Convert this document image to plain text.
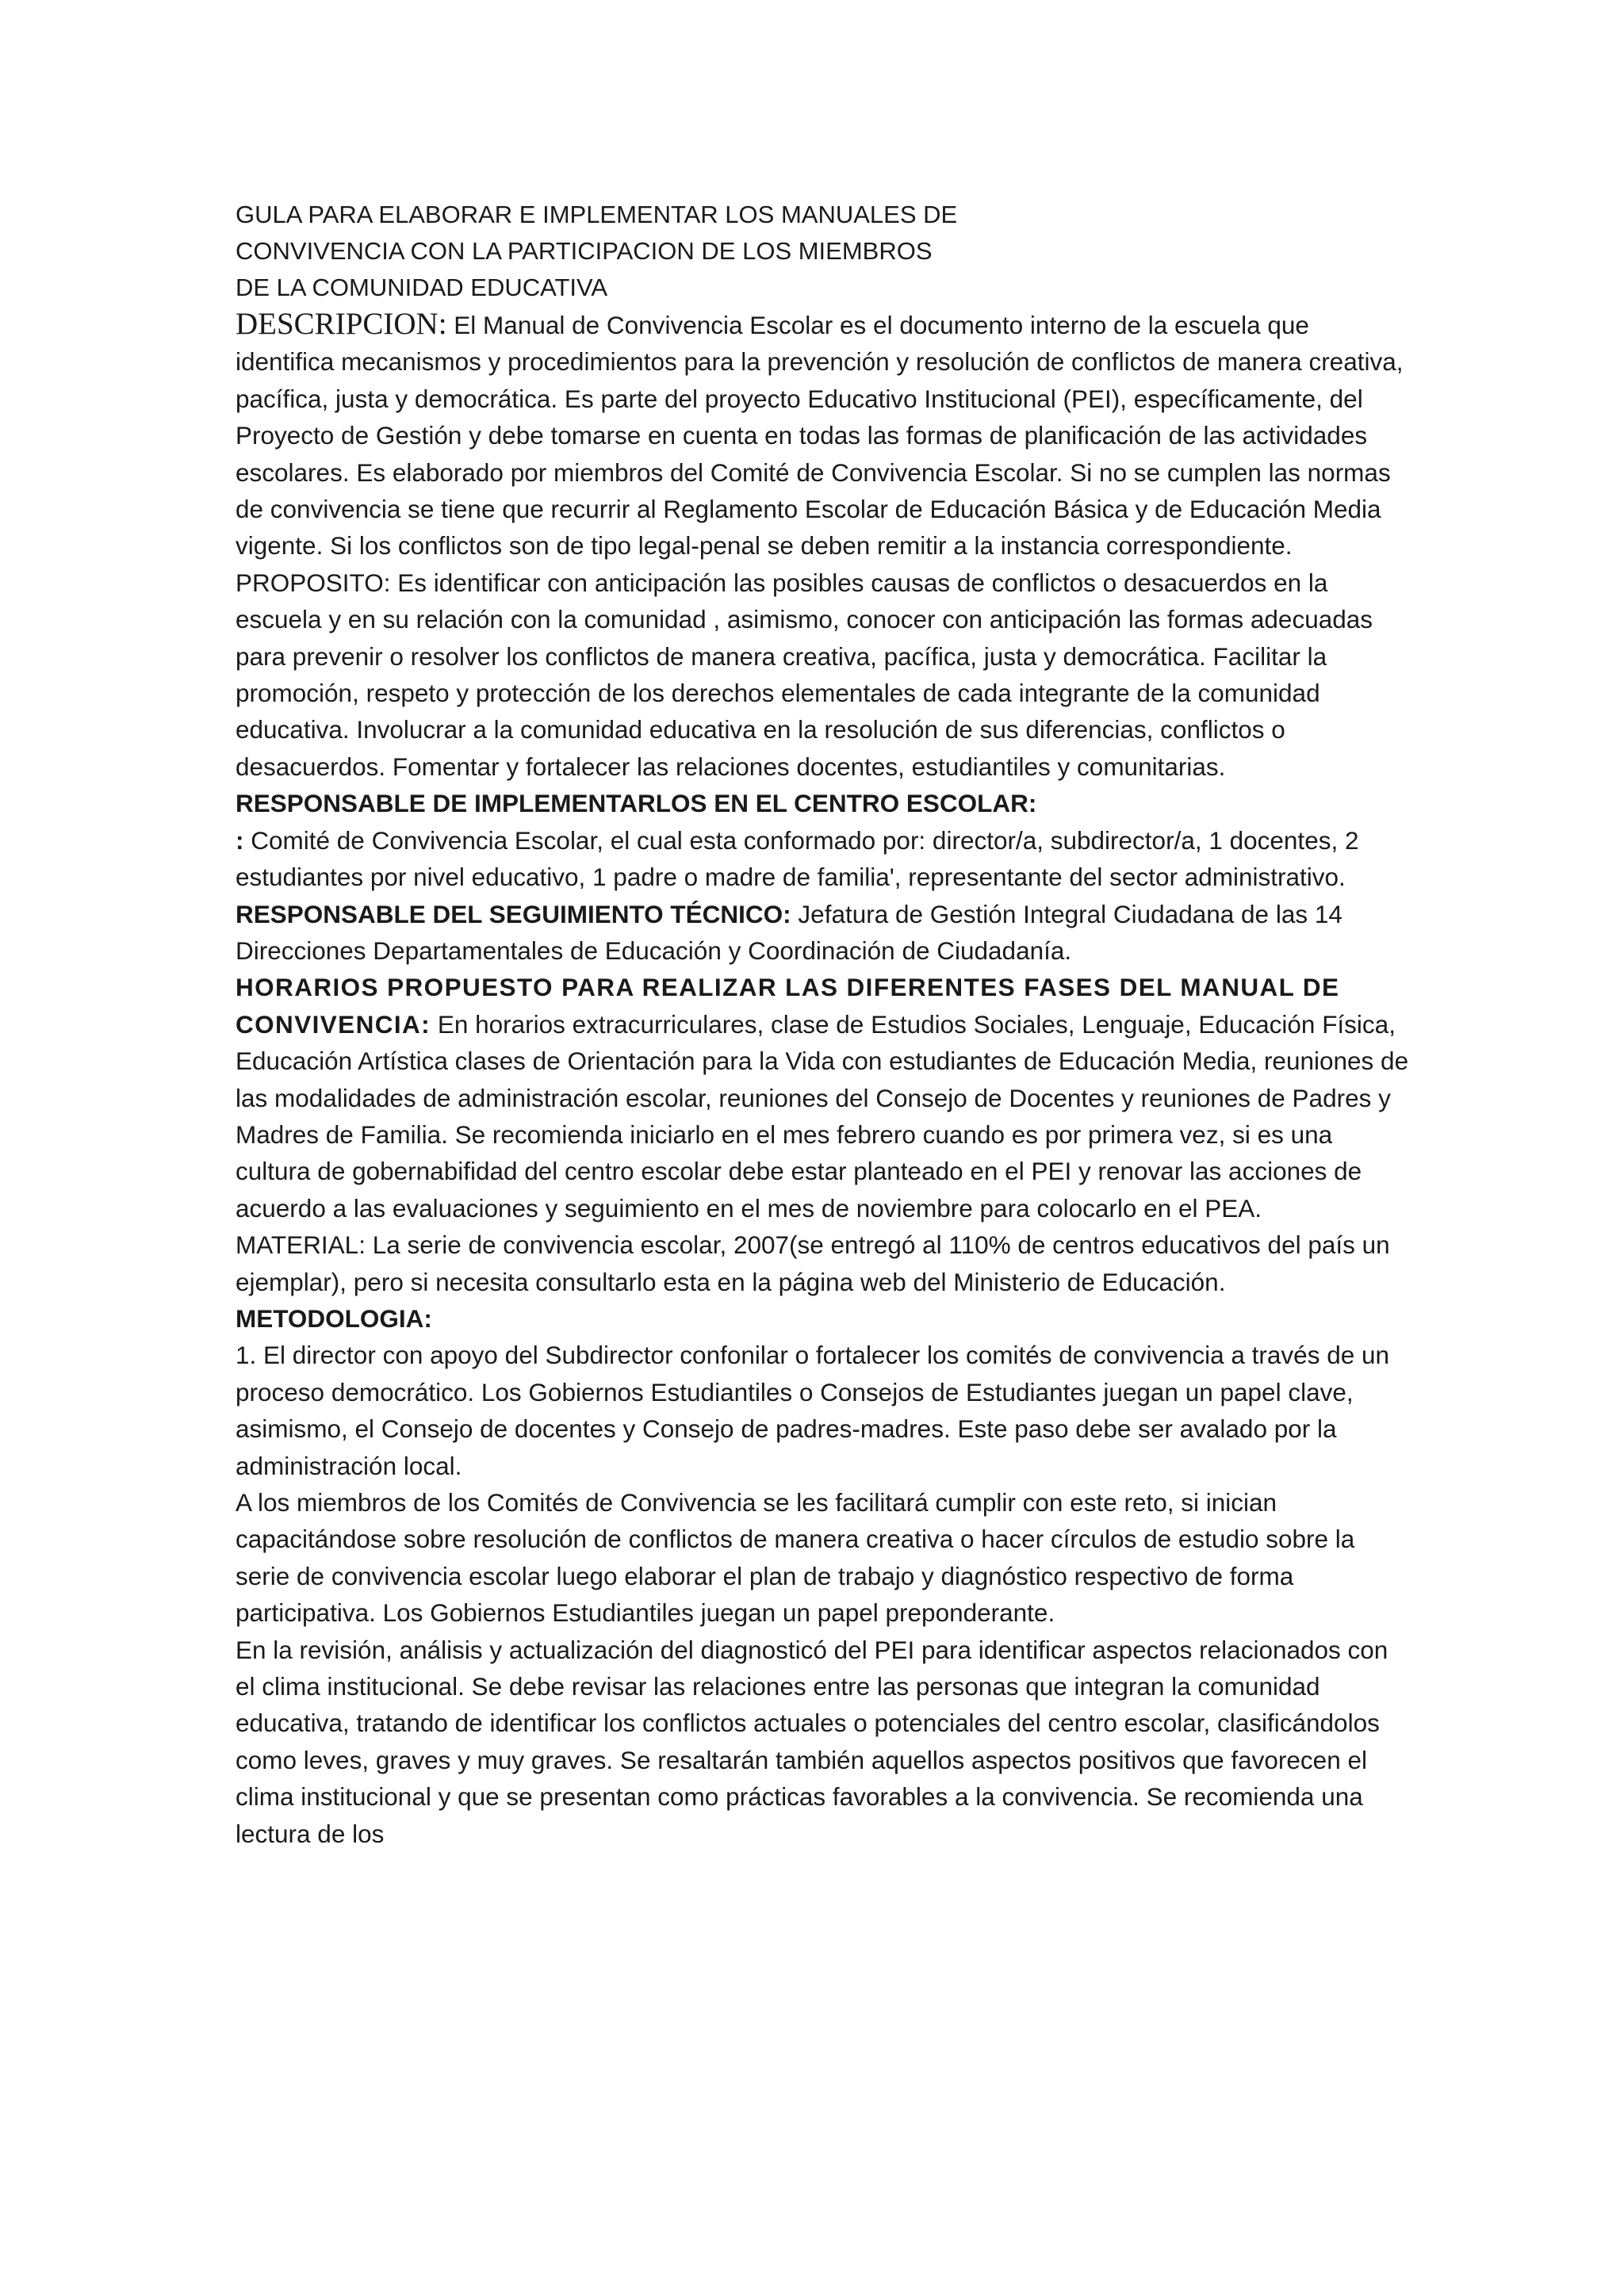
GULA PARA ELABORAR E IMPLEMENTAR LOS MANUALES DE
CONVIVENCIA CON LA PARTICIPACION DE LOS MIEMBROS
DE LA COMUNIDAD EDUCATIVA

DESCRIPCION: El Manual de Convivencia Escolar es el documento interno de la escuela que identifica mecanismos y procedimientos para la prevención y resolución de conflictos de manera creativa, pacífica, justa y democrática. Es parte del proyecto Educativo Institucional (PEI), específicamente, del Proyecto de Gestión y debe tomarse en cuenta en todas las formas de planificación de las actividades escolares. Es elaborado por miembros del Comité de Convivencia Escolar. Si no se cumplen las normas de convivencia se tiene que recurrir al Reglamento Escolar de Educación Básica y de Educación Media vigente. Si los conflictos son de tipo legal-penal se deben remitir a la instancia correspondiente.

PROPOSITO: Es identificar con anticipación las posibles causas de conflictos o desacuerdos en la escuela y en su relación con la comunidad , asimismo, conocer con anticipación las formas adecuadas para prevenir o resolver los conflictos de manera creativa, pacífica, justa y democrática. Facilitar la promoción, respeto y protección de los derechos elementales de cada integrante de la comunidad educativa. Involucrar a la comunidad educativa en la resolución de sus diferencias, conflictos o desacuerdos. Fomentar y fortalecer las relaciones docentes, estudiantiles y comunitarias.

RESPONSABLE DE IMPLEMENTARLOS EN EL CENTRO ESCOLAR:

: Comité de Convivencia Escolar, el cual esta conformado por: director/a, subdirector/a, 1 docentes, 2 estudiantes por nivel educativo, 1 padre o madre de familia', representante del sector administrativo.

RESPONSABLE DEL SEGUIMIENTO TÉCNICO: Jefatura de Gestión Integral Ciudadana de las 14 Direcciones Departamentales de Educación y Coordinación de Ciudadanía.

HORARIOS PROPUESTO PARA REALIZAR LAS DIFERENTES FASES DEL MANUAL DE CONVIVENCIA: En horarios extracurriculares, clase de Estudios Sociales, Lenguaje, Educación Física, Educación Artística clases de Orientación para la Vida con estudiantes de Educación Media, reuniones de las modalidades de administración escolar, reuniones del Consejo de Docentes y reuniones de Padres y Madres de Familia. Se recomienda iniciarlo en el mes febrero cuando es por primera vez, si es una cultura de gobernabifidad del centro escolar debe estar planteado en el PEI y renovar las acciones de acuerdo a las evaluaciones y seguimiento en el mes de noviembre para colocarlo en el PEA.

MATERIAL: La serie de convivencia escolar, 2007(se entregó al 110% de centros educativos del país un ejemplar), pero si necesita consultarlo esta en la página web del Ministerio de Educación.

METODOLOGIA:

1. El director con apoyo del Subdirector confonilar o fortalecer los comités de convivencia a través de un proceso democrático. Los Gobiernos Estudiantiles o Consejos de Estudiantes juegan un papel clave, asimismo, el Consejo de docentes y Consejo de padres-madres. Este paso debe ser avalado por la administración local.

A los miembros de los Comités de Convivencia se les facilitará cumplir con este reto, si inician capacitándose sobre resolución de conflictos de manera creativa o hacer círculos de estudio sobre la serie de convivencia escolar luego elaborar el plan de trabajo y diagnóstico respectivo de forma participativa. Los Gobiernos Estudiantiles juegan un papel preponderante.

En la revisión, análisis y actualización del diagnosticó del PEI para identificar aspectos relacionados con el clima institucional. Se debe revisar las relaciones entre las personas que integran la comunidad educativa, tratando de identificar los conflictos actuales o potenciales del centro escolar, clasificándolos como leves, graves y muy graves. Se resaltarán también aquellos aspectos positivos que favorecen el clima institucional y que se presentan como prácticas favorables a la convivencia. Se recomienda una lectura de los
